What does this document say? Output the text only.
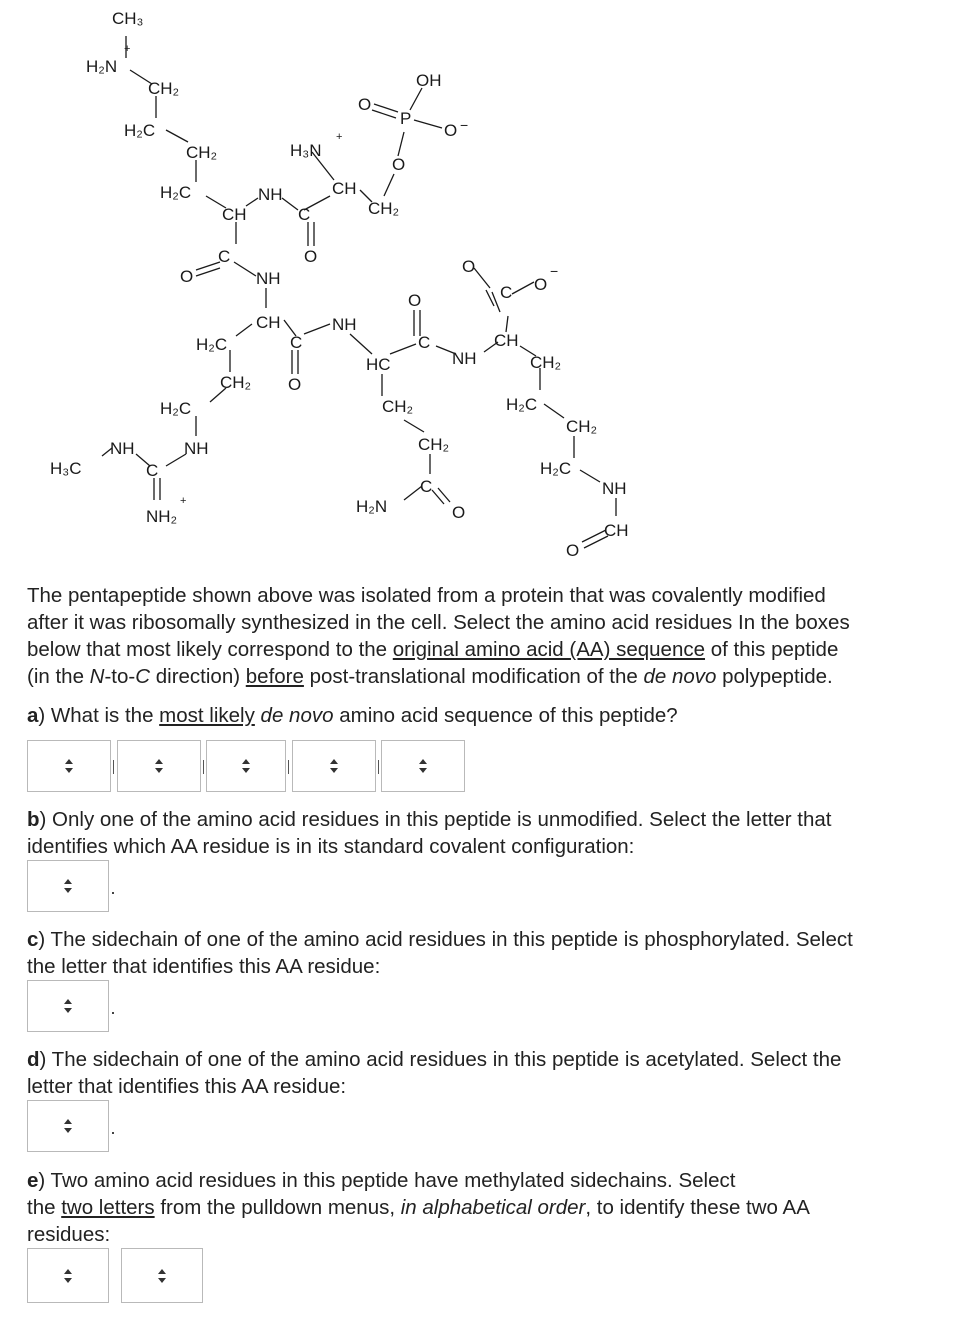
CH₃
H₂N
+
CH₂
H₂C
CH₂
H₂C
CH
NH
C
O
C
O
NH
H₃N
+
CH
CH₂
O
P
O
OH
O −
CH	NH
C
O
H₂C
CH₂
H₂C
NH
C
NH₂
+
NH
H₃C
HC
O
C
NH
CH
CH₂
CH₂
C
O
H₂N
C
O
O
−
CH₂
H₂C
CH₂
H₂C
NH
CH
O
The pentapeptide shown above was isolated from a protein that was covalently modified
after it was ribosomally synthesized in the cell. Select the amino acid residues In the boxes
below that most likely correspond to the original amino acid (AA) sequence of this peptide
(in the N-to-C direction) before post-translational modification of the de novo polypeptide.
a) What is the most likely de novo amino acid sequence of this peptide?
b) Only one of the amino acid residues in this peptide is unmodified. Select the letter that
identifies which AA residue is in its standard covalent configuration:
c) The sidechain of one of the amino acid residues in this peptide is phosphorylated. Select
the letter that identifies this AA residue:
d) The sidechain of one of the amino acid residues in this peptide is acetylated. Select the
letter that identifies this AA residue:
e) Two amino acid residues in this peptide have methylated sidechains. Select
the two letters from the pulldown menus, in alphabetical order, to identify these two AA
residues:
